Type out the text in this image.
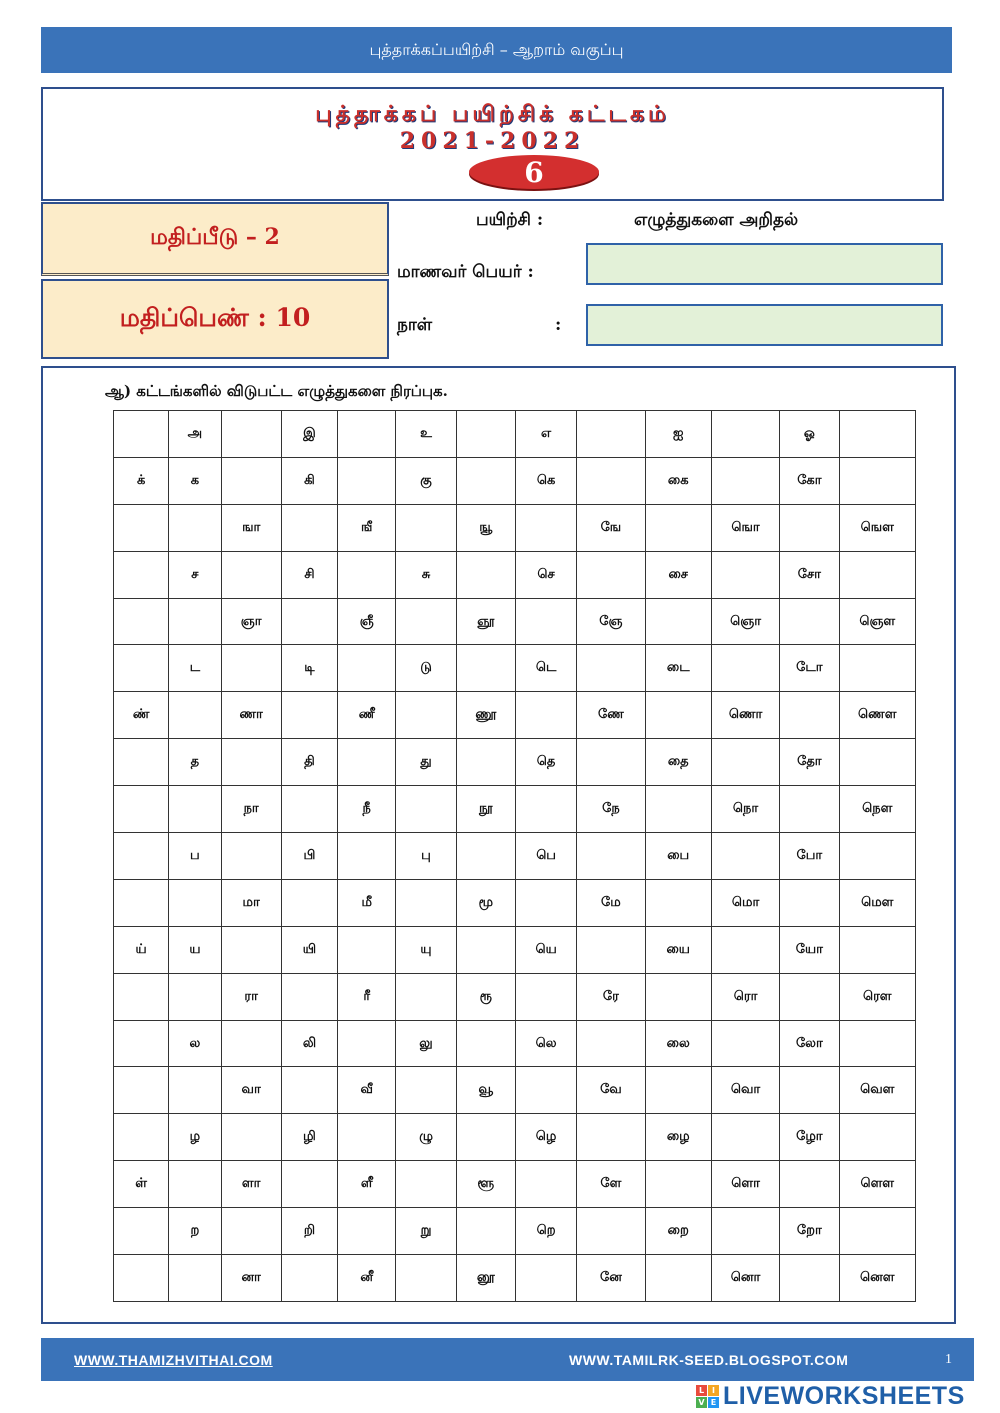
புத்தாக்கப்பயிற்சி – ஆறாம் வகுப்பு
புத்தாக்கப் பயிற்சிக் கட்டகம்
2021-2022
6
மதிப்பீடு – 2
மதிப்பெண் : 10
பயிற்சி :	எழுத்துகளை அறிதல்
மாணவர் பெயர் :
நாள்	:
ஆ) கட்டங்களில் விடுபட்ட எழுத்துகளை நிரப்புக.
	அ		இ		உ		எ		ஐ		ஓ	
க்	க		கி		கு		கெ		கை		கோ	
		ஙா		ஙீ		ஙூ		ஙே		ஙொ		ஙௌ
	ச		சி		சு		செ		சை		சோ	
		ஞா		ஞீ		ஞூ		ஞே		ஞொ		ஞௌ
	ட		டி		டு		டெ		டை		டோ	
ண்		ணா		ணீ		ணூ		ணே		ணொ		ணௌ
	த		தி		து		தெ		தை		தோ	
		நா		நீ		நூ		நே		நொ		நௌ
	ப		பி		பு		பெ		பை		போ	
		மா		மீ		மூ		மே		மொ		மௌ
ய்	ய		யி		யு		யெ		யை		யோ	
		ரா		ரீ		ரூ		ரே		ரொ		ரௌ
	ல		லி		லு		லெ		லை		லோ	
		வா		வீ		வூ		வே		வொ		வௌ
	ழ		ழி		ழு		ழெ		ழை		ழோ	
ள்		ளா		ளீ		ளூ		ளே		ளொ		ளௌ
	ற		றி		று		றெ		றை		றோ	
		னா		னீ		னூ		னே		னொ		னௌ
WWW.THAMIZHVITHAI.COM	WWW.TAMILRK-SEED.BLOGSPOT.COM	1
L I
V E LIVEWORKSHEETS
